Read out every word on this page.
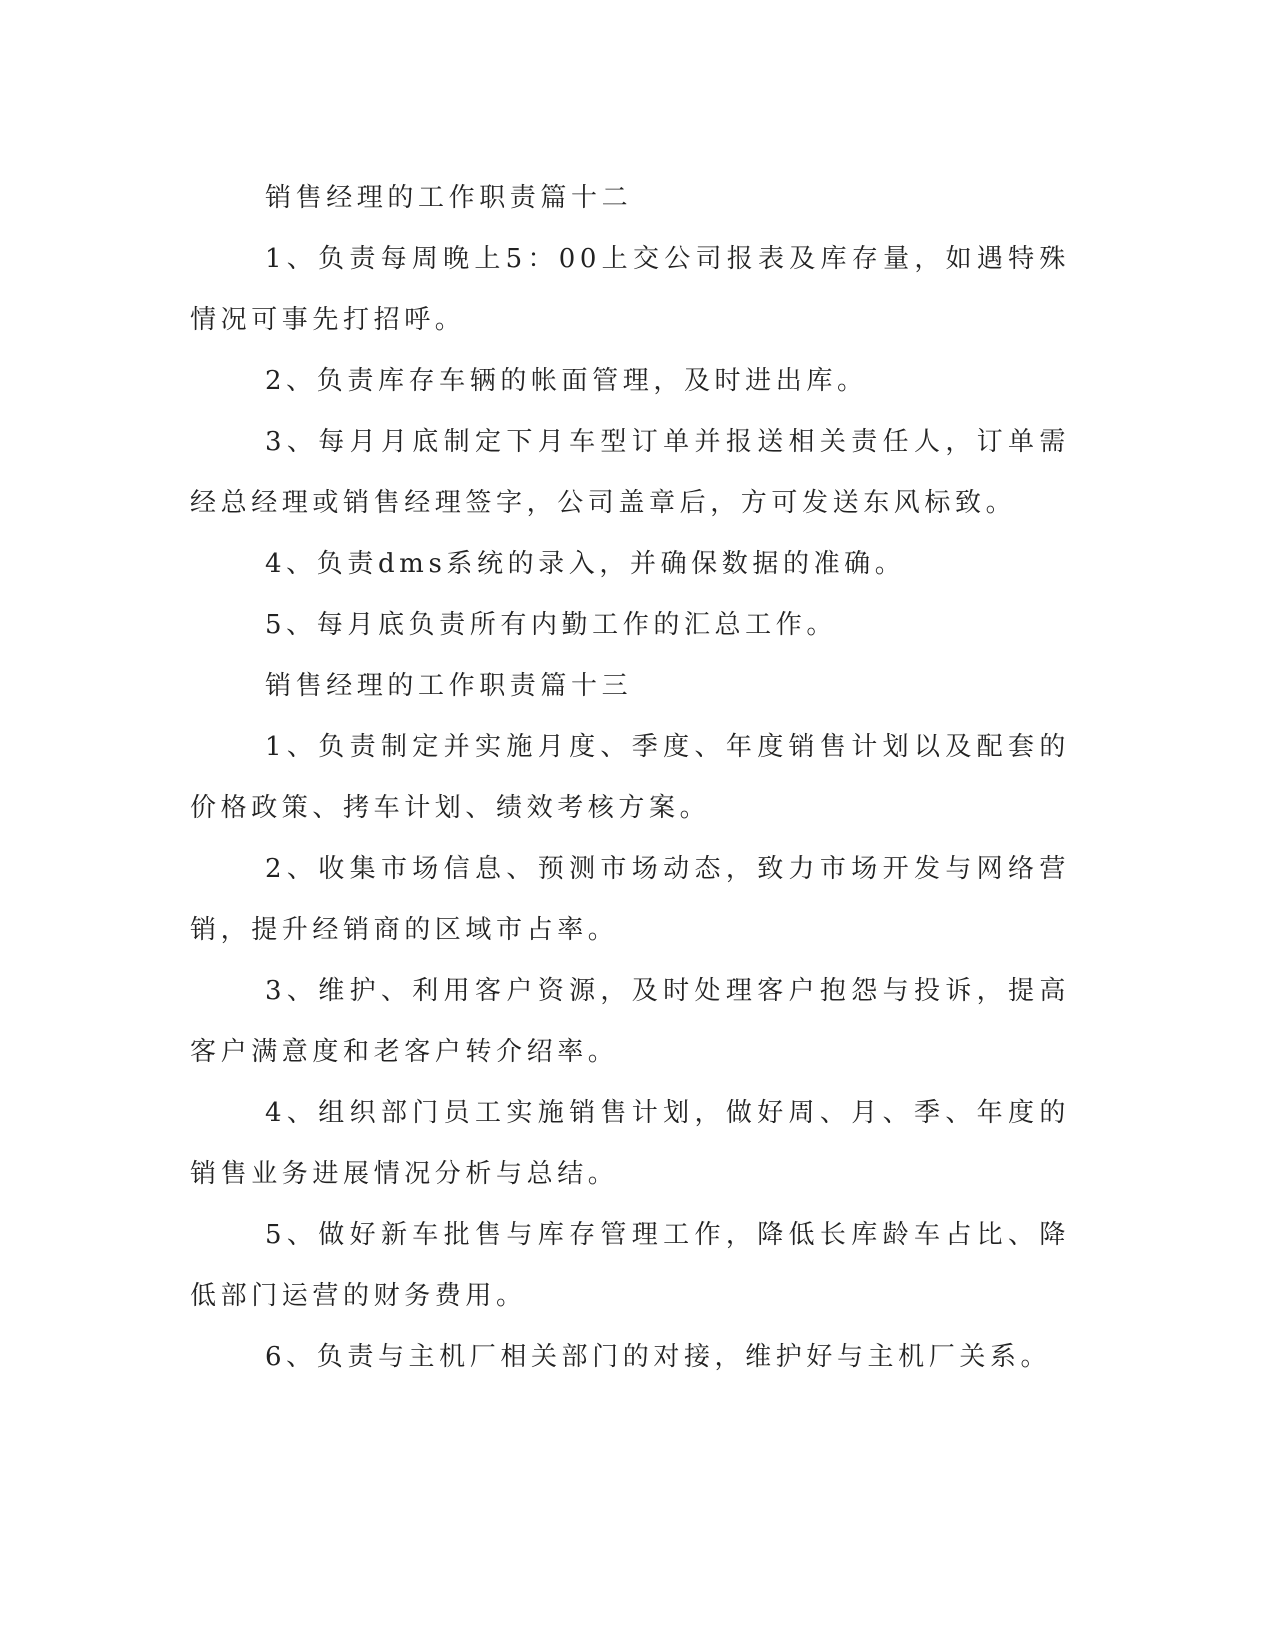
销售经理的工作职责篇十二

1、负责每周晚上5：00上交公司报表及库存量，如遇特殊情况可事先打招呼。

2、负责库存车辆的帐面管理，及时进出库。

3、每月月底制定下月车型订单并报送相关责任人，订单需经总经理或销售经理签字，公司盖章后，方可发送东风标致。

4、负责dms系统的录入，并确保数据的准确。

5、每月底负责所有内勤工作的汇总工作。

销售经理的工作职责篇十三

1、负责制定并实施月度、季度、年度销售计划以及配套的价格政策、拷车计划、绩效考核方案。

2、收集市场信息、预测市场动态，致力市场开发与网络营销，提升经销商的区域市占率。

3、维护、利用客户资源，及时处理客户抱怨与投诉，提高客户满意度和老客户转介绍率。

4、组织部门员工实施销售计划，做好周、月、季、年度的销售业务进展情况分析与总结。

5、做好新车批售与库存管理工作，降低长库龄车占比、降低部门运营的财务费用。

6、负责与主机厂相关部门的对接，维护好与主机厂关系。
